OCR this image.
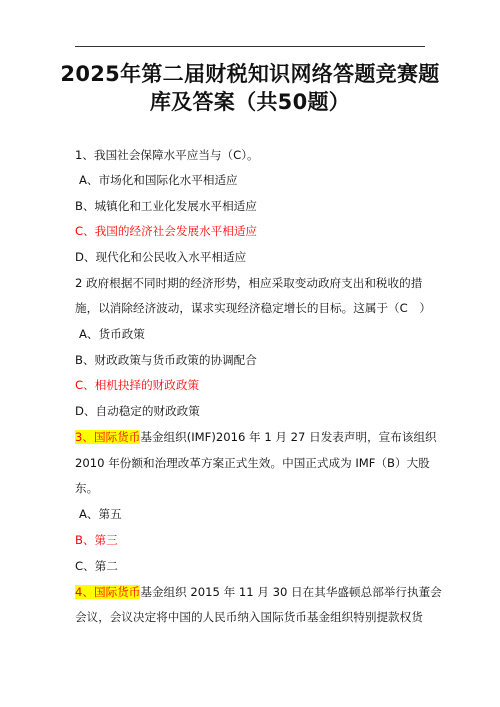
2025年第二届财税知识网络答题竞赛题
库及答案（共50题）
1、我国社会保障水平应当与（C）。
A、市场化和国际化水平相适应
B、城镇化和工业化发展水平相适应
C、我国的经济社会发展水平相适应
D、现代化和公民收入水平相适应
2 政府根据不同时期的经济形势，相应采取变动政府支出和税收的措
施，以消除经济波动，谋求实现经济稳定增长的目标。这属于（C　）
A、货币政策
B、财政政策与货币政策的协调配合
C、相机抉择的财政政策
D、自动稳定的财政政策
3、国际货币基金组织(IMF)2016 年 1 月 27 日发表声明，宣布该组织
2010 年份额和治理改革方案正式生效。中国正式成为 IMF（B）大股
东。
A、第五
B、第三
C、第二
4、国际货币基金组织 2015 年 11 月 30 日在其华盛顿总部举行执董会
会议，会议决定将中国的人民币纳入国际货币基金组织特别提款权货
